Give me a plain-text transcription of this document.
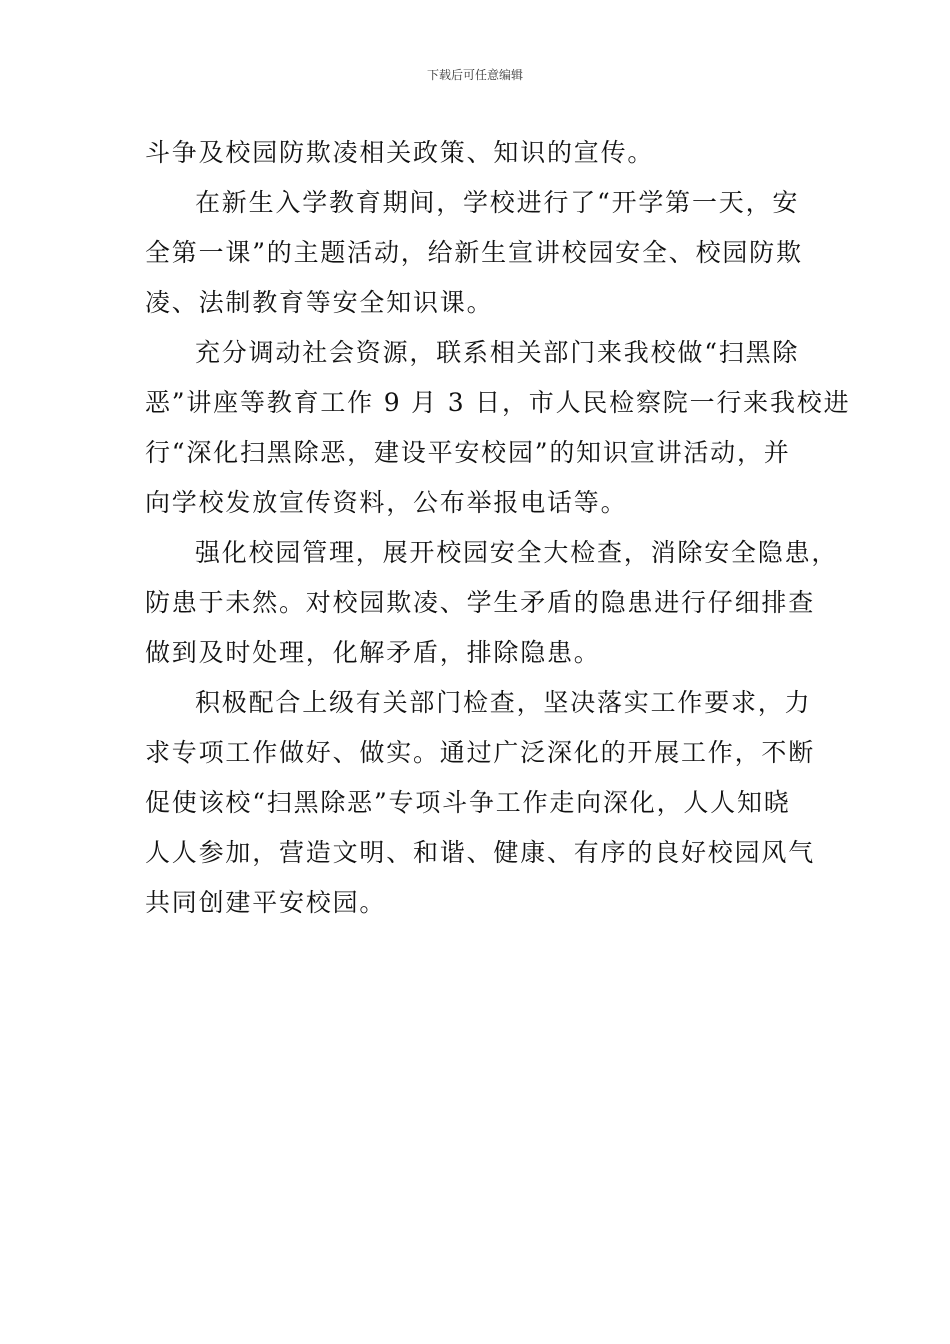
下载后可任意编辑
斗争及校园防欺凌相关政策、知识的宣传。
在新生入学教育期间，学校进行了“开学第一天，安
全第一课”的主题活动，给新生宣讲校园安全、校园防欺
凌、法制教育等安全知识课。
充分调动社会资源，联系相关部门来我校做“扫黑除
恶”讲座等教育工作 9 月 3 日，市人民检察院一行来我校进
行“深化扫黑除恶，建设平安校园”的知识宣讲活动，并
向学校发放宣传资料，公布举报电话等。
强化校园管理，展开校园安全大检查，消除安全隐患，
防患于未然。对校园欺凌、学生矛盾的隐患进行仔细排查
做到及时处理，化解矛盾，排除隐患。
积极配合上级有关部门检查，坚决落实工作要求，力
求专项工作做好、做实。通过广泛深化的开展工作，不断
促使该校“扫黑除恶”专项斗争工作走向深化，人人知晓
人人参加，营造文明、和谐、健康、有序的良好校园风气
共同创建平安校园。
